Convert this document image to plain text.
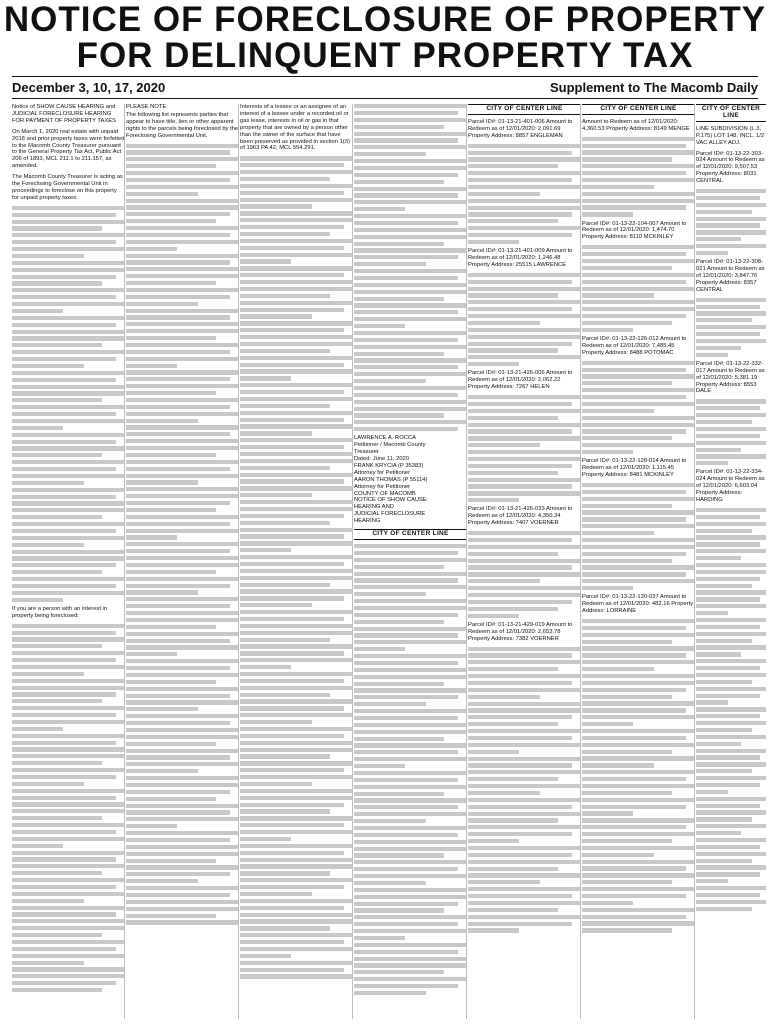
NOTICE OF FORECLOSURE OF PROPERTY
FOR DELINQUENT PROPERTY TAX
December 3, 10, 17, 2020	Supplement to The Macomb Daily

Notice of SHOW CAUSE HEARING and JUDICIAL FORECLOSURE HEARING FOR PAYMENT OF PROPERTY TAXES

On March 1, 2020 real estate with unpaid 2018 and prior property taxes were forfeited to the Macomb County Treasurer pursuant to the General Property Tax Act, Public Act 206 of 1893, MCL 211.1 to 211.157, as amended.

The Macomb County Treasurer is acting as the Foreclosing Governmental Unit in proceedings to foreclose on this property for unpaid property taxes.

If you are a person with an interest in property being foreclosed:

PLEASE NOTE:

The following list represents parties that appear to have title, lien or other apparent rights to the parcels being foreclosed by the Foreclosing Governmental Unit.

Interests of a lessee or an assignee of an interest of a lessee under a recorded oil or gas lease, interests in oil or gas in that property that are owned by a person other than the owner of the surface that have been preserved as provided in section 1(3) of 1963 PA 42, MCL 554.291.

LAWRENCE A. ROCCA
Petitioner / Macomb County
Treasurer
Dated: June 11, 2020
FRANK KRYCIA (P 35383)
Attorney for Petitioner
AARON THOMAS (P 55114)
Attorney for Petitioner
COUNTY OF MACOMB
NOTICE OF SHOW CAUSE
HEARING AND
JUDICIAL FORECLOSURE
HEARING
CITY OF CENTER LINE
CITY OF CENTER LINE

Parcel ID#: 01-13-21-401-006 Amount to Redeem as of 12/01/2020: 2,091.69 Property Address: 8857 ENGLEMAN

Parcel ID#: 01-13-21-401-009 Amount to Redeem as of 12/01/2020: 1,246.48 Property Address: 25515 LAWRENCE

Parcel ID#: 01-13-21-426-006 Amount to Redeem as of 12/01/2020: 2,062.22 Property Address: 7267 HELEN

Parcel ID#: 01-13-21-426-033 Amount to Redeem as of 12/01/2020: 4,350.34 Property Address: 7407 VOERNER

Parcel ID#: 01-13-21-429-019 Amount to Redeem as of 12/01/2020: 2,653.78 Property Address: 7382 VOERNER

CITY OF CENTER LINE

Amount to Redeem as of 12/01/2020: 4,360.53 Property Address: 8149 MENGE

Parcel ID#: 01-13-22-104-007 Amount to Redeem as of 12/01/2020: 1,474.70 Property Address: 8110 MCKINLEY

Parcel ID#: 01-13-22-126-012 Amount to Redeem as of 12/01/2020: 7,485.45 Property Address: 8488 POTOMAC

Parcel ID#: 01-13-22-128-014 Amount to Redeem as of 12/01/2020: 1,115.45 Property Address: 8481 MCKINLEY

Parcel ID#: 01-13-22-130-037 Amount to Redeem as of 12/01/2020: 482.16 Property Address: LORRAINE

CITY OF CENTER LINE

LINE SUBDIVISION (L.3, P.175) LOT 148, INCL. 1/2 VAC ALLEY ADJ.

Parcel ID#: 01-13-22-303-024 Amount to Redeem as of 12/01/2020: 9,507.53 Property Address: 8031 CENTRAL

Parcel ID#: 01-13-22-308-021 Amount to Redeem as of 12/01/2020: 3,847.76 Property Address: 8357 CENTRAL

Parcel ID#: 01-13-22-332-017 Amount to Redeem as of 12/01/2020: 5,381.19 Property Address: 8553 DALE

Parcel ID#: 01-13-22-334-024 Amount to Redeem as of 12/01/2020: 6,603.04 Property Address: HARDING
